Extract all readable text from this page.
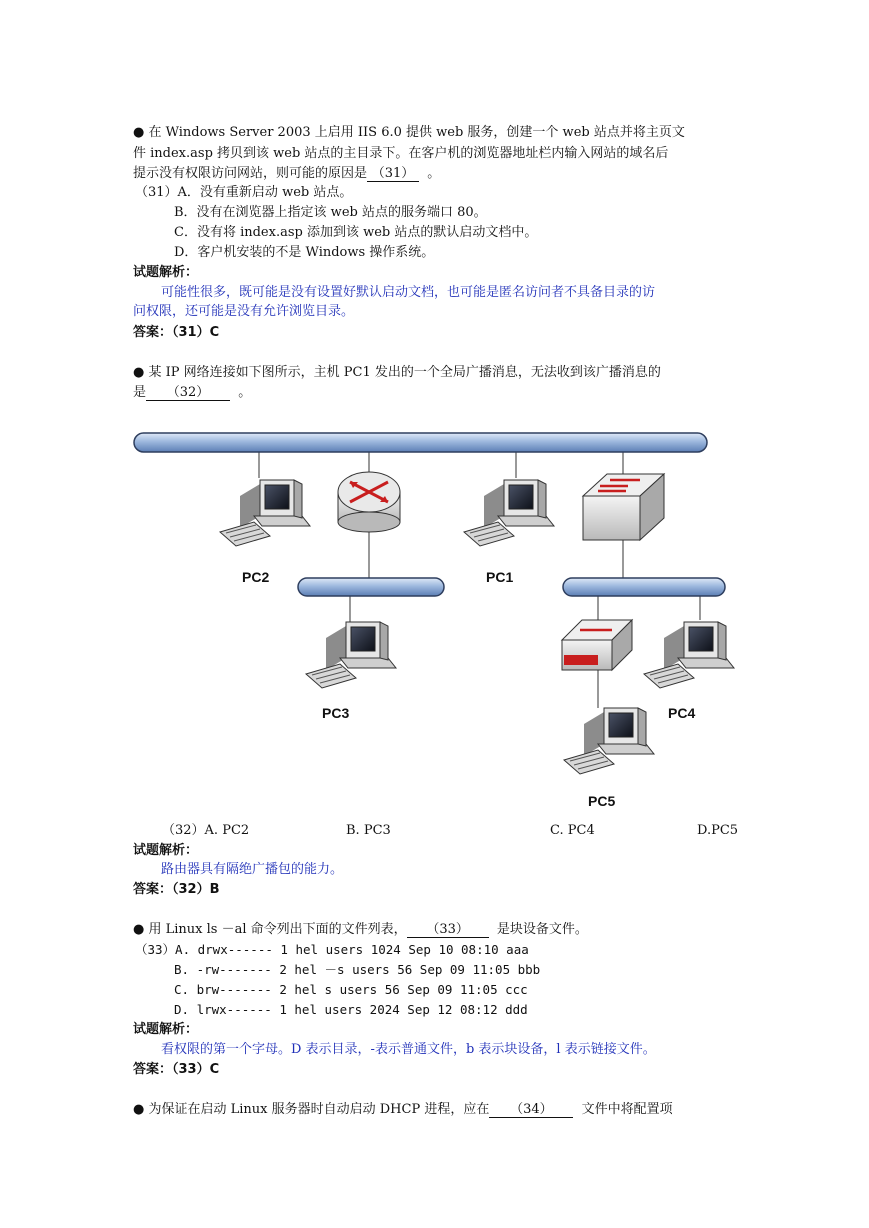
● 在 Windows Server 2003 上启用 IIS 6.0 提供 web 服务，创建一个 web 站点并将主页文
件 index.asp 拷贝到该 web 站点的主目录下。在客户机的浏览器地址栏内输入网站的域名后
提示没有权限访问网站，则可能的原因是 （31） 。
（31）A．没有重新启动 web 站点。
B．没有在浏览器上指定该 web 站点的服务端口 80。
C．没有将 index.asp 添加到该 web 站点的默认启动文档中。
D．客户机安装的不是 Windows 操作系统。
试题解析：
可能性很多，既可能是没有设置好默认启动文档，也可能是匿名访问者不具备目录的访
问权限，还可能是没有允许浏览目录。
答案：（31）C
● 某 IP 网络连接如下图所示，主机 PC1 发出的一个全局广播消息，无法收到该广播消息的
是 （32） 。
PC2	PC1
PC3	PC4
PC5
（32）A. PC2	B. PC3	C. PC4	D.PC5
试题解析：
路由器具有隔绝广播包的能力。
答案：（32）B
● 用 Linux ls －al 命令列出下面的文件列表， （33） 是块设备文件。
（33）A. drwx------ 1 hel users 1024 Sep 10 08:10 aaa
B. -rw------- 2 hel －s users 56 Sep 09 11:05 bbb
C. brw------- 2 hel s users 56 Sep 09 11:05 ccc
D. lrwx------ 1 hel users 2024 Sep 12 08:12 ddd
试题解析：
看权限的第一个字母。D 表示目录，-表示普通文件，b 表示块设备，l 表示链接文件。
答案：（33）C
● 为保证在启动 Linux 服务器时自动启动 DHCP 进程，应在 （34） 文件中将配置项
